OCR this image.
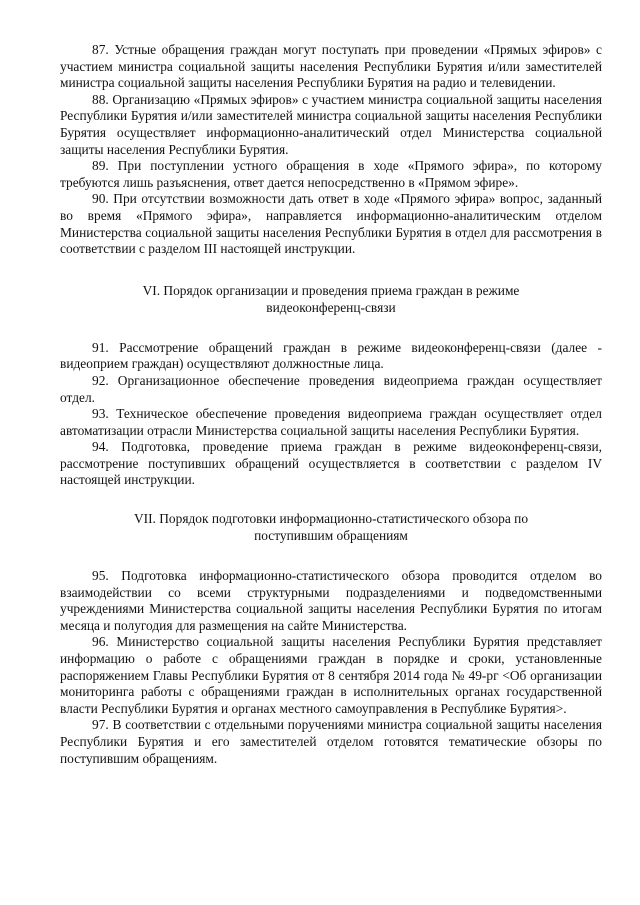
87. Устные обращения граждан могут поступать при проведении «Прямых эфиров» с участием министра социальной защиты населения Республики Бурятия и/или заместителей министра социальной защиты населения Республики Бурятия на радио и телевидении.

88. Организацию «Прямых эфиров» с участием министра социальной защиты населения Республики Бурятия и/или заместителей министра социальной защиты населения Республики Бурятия осуществляет информационно-аналитический отдел Министерства социальной защиты населения Республики Бурятия.

89. При поступлении устного обращения в ходе «Прямого эфира», по которому требуются лишь разъяснения, ответ дается непосредственно в «Прямом эфире».

90. При отсутствии возможности дать ответ в ходе «Прямого эфира» вопрос, заданный во время «Прямого эфира», направляется информационно-аналитическим отделом Министерства социальной защиты населения Республики Бурятия в отдел для рассмотрения в соответствии с разделом III настоящей инструкции.

VI. Порядок организации и проведения приема граждан в режиме видеоконференц-связи

91. Рассмотрение обращений граждан в режиме видеоконференц-связи (далее - видеоприем граждан) осуществляют должностные лица.

92. Организационное обеспечение проведения видеоприема граждан осуществляет отдел.

93. Техническое обеспечение проведения видеоприема граждан осуществляет отдел автоматизации отрасли Министерства социальной защиты населения Республики Бурятия.

94. Подготовка, проведение приема граждан в режиме видеоконференц-связи, рассмотрение поступивших обращений осуществляется в соответствии с разделом IV настоящей инструкции.

VII. Порядок подготовки информационно-статистического обзора по поступившим обращениям

95. Подготовка информационно-статистического обзора проводится отделом во взаимодействии со всеми структурными подразделениями и подведомственными учреждениями Министерства социальной защиты населения Республики Бурятия по итогам месяца и полугодия для размещения на сайте Министерства.

96. Министерство социальной защиты населения Республики Бурятия представляет информацию о работе с обращениями граждан в порядке и сроки, установленные распоряжением Главы Республики Бурятия от 8 сентября 2014 года № 49-рг <Об организации мониторинга работы с обращениями граждан в исполнительных органах государственной власти Республики Бурятия и органах местного самоуправления в Республике Бурятия>.

97. В соответствии с отдельными поручениями министра социальной защиты населения Республики Бурятия и его заместителей отделом готовятся тематические обзоры по поступившим обращениям.
